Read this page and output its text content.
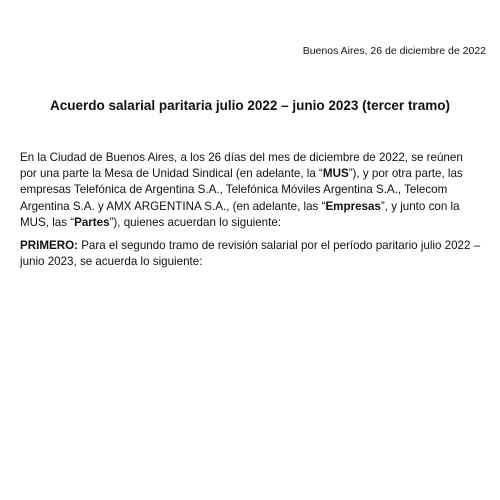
Buenos Aires, 26 de diciembre de 2022
Acuerdo salarial paritaria julio 2022 – junio 2023 (tercer tramo)

En la Ciudad de Buenos Aires, a los 26 días del mes de diciembre de 2022, se reúnen por una parte la Mesa de Unidad Sindical (en adelante, la “MUS”), y por otra parte, las empresas Telefónica de Argentina S.A., Telefónica Móviles Argentina S.A., Telecom Argentina S.A. y AMX ARGENTINA S.A., (en adelante, las “Empresas”, y junto con la MUS, las “Partes”), quienes acuerdan lo siguiente:

PRIMERO: Para el segundo tramo de revisión salarial por el período paritario julio 2022 – junio 2023, se acuerda lo siguiente:
